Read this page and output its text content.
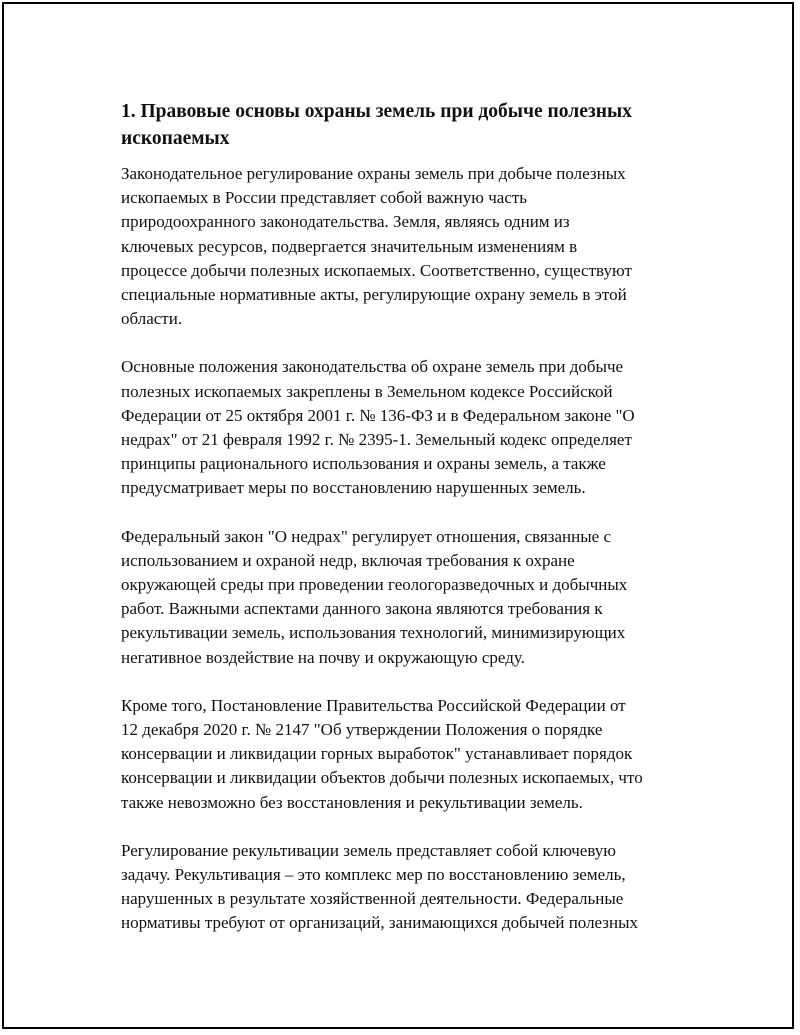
1. Правовые основы охраны земель при добыче полезных
ископаемых

Законодательное регулирование охраны земель при добыче полезных
ископаемых в России представляет собой важную часть
природоохранного законодательства. Земля, являясь одним из
ключевых ресурсов, подвергается значительным изменениям в
процессе добычи полезных ископаемых. Соответственно, существуют
специальные нормативные акты, регулирующие охрану земель в этой
области.

Основные положения законодательства об охране земель при добыче
полезных ископаемых закреплены в Земельном кодексе Российской
Федерации от 25 октября 2001 г. № 136-ФЗ и в Федеральном законе "О
недрах" от 21 февраля 1992 г. № 2395-1. Земельный кодекс определяет
принципы рационального использования и охраны земель, а также
предусматривает меры по восстановлению нарушенных земель.

Федеральный закон "О недрах" регулирует отношения, связанные с
использованием и охраной недр, включая требования к охране
окружающей среды при проведении геологоразведочных и добычных
работ. Важными аспектами данного закона являются требования к
рекультивации земель, использования технологий, минимизирующих
негативное воздействие на почву и окружающую среду.

Кроме того, Постановление Правительства Российской Федерации от
12 декабря 2020 г. № 2147 "Об утверждении Положения о порядке
консервации и ликвидации горных выработок" устанавливает порядок
консервации и ликвидации объектов добычи полезных ископаемых, что
также невозможно без восстановления и рекультивации земель.

Регулирование рекультивации земель представляет собой ключевую
задачу. Рекультивация – это комплекс мер по восстановлению земель,
нарушенных в результате хозяйственной деятельности. Федеральные
нормативы требуют от организаций, занимающихся добычей полезных
